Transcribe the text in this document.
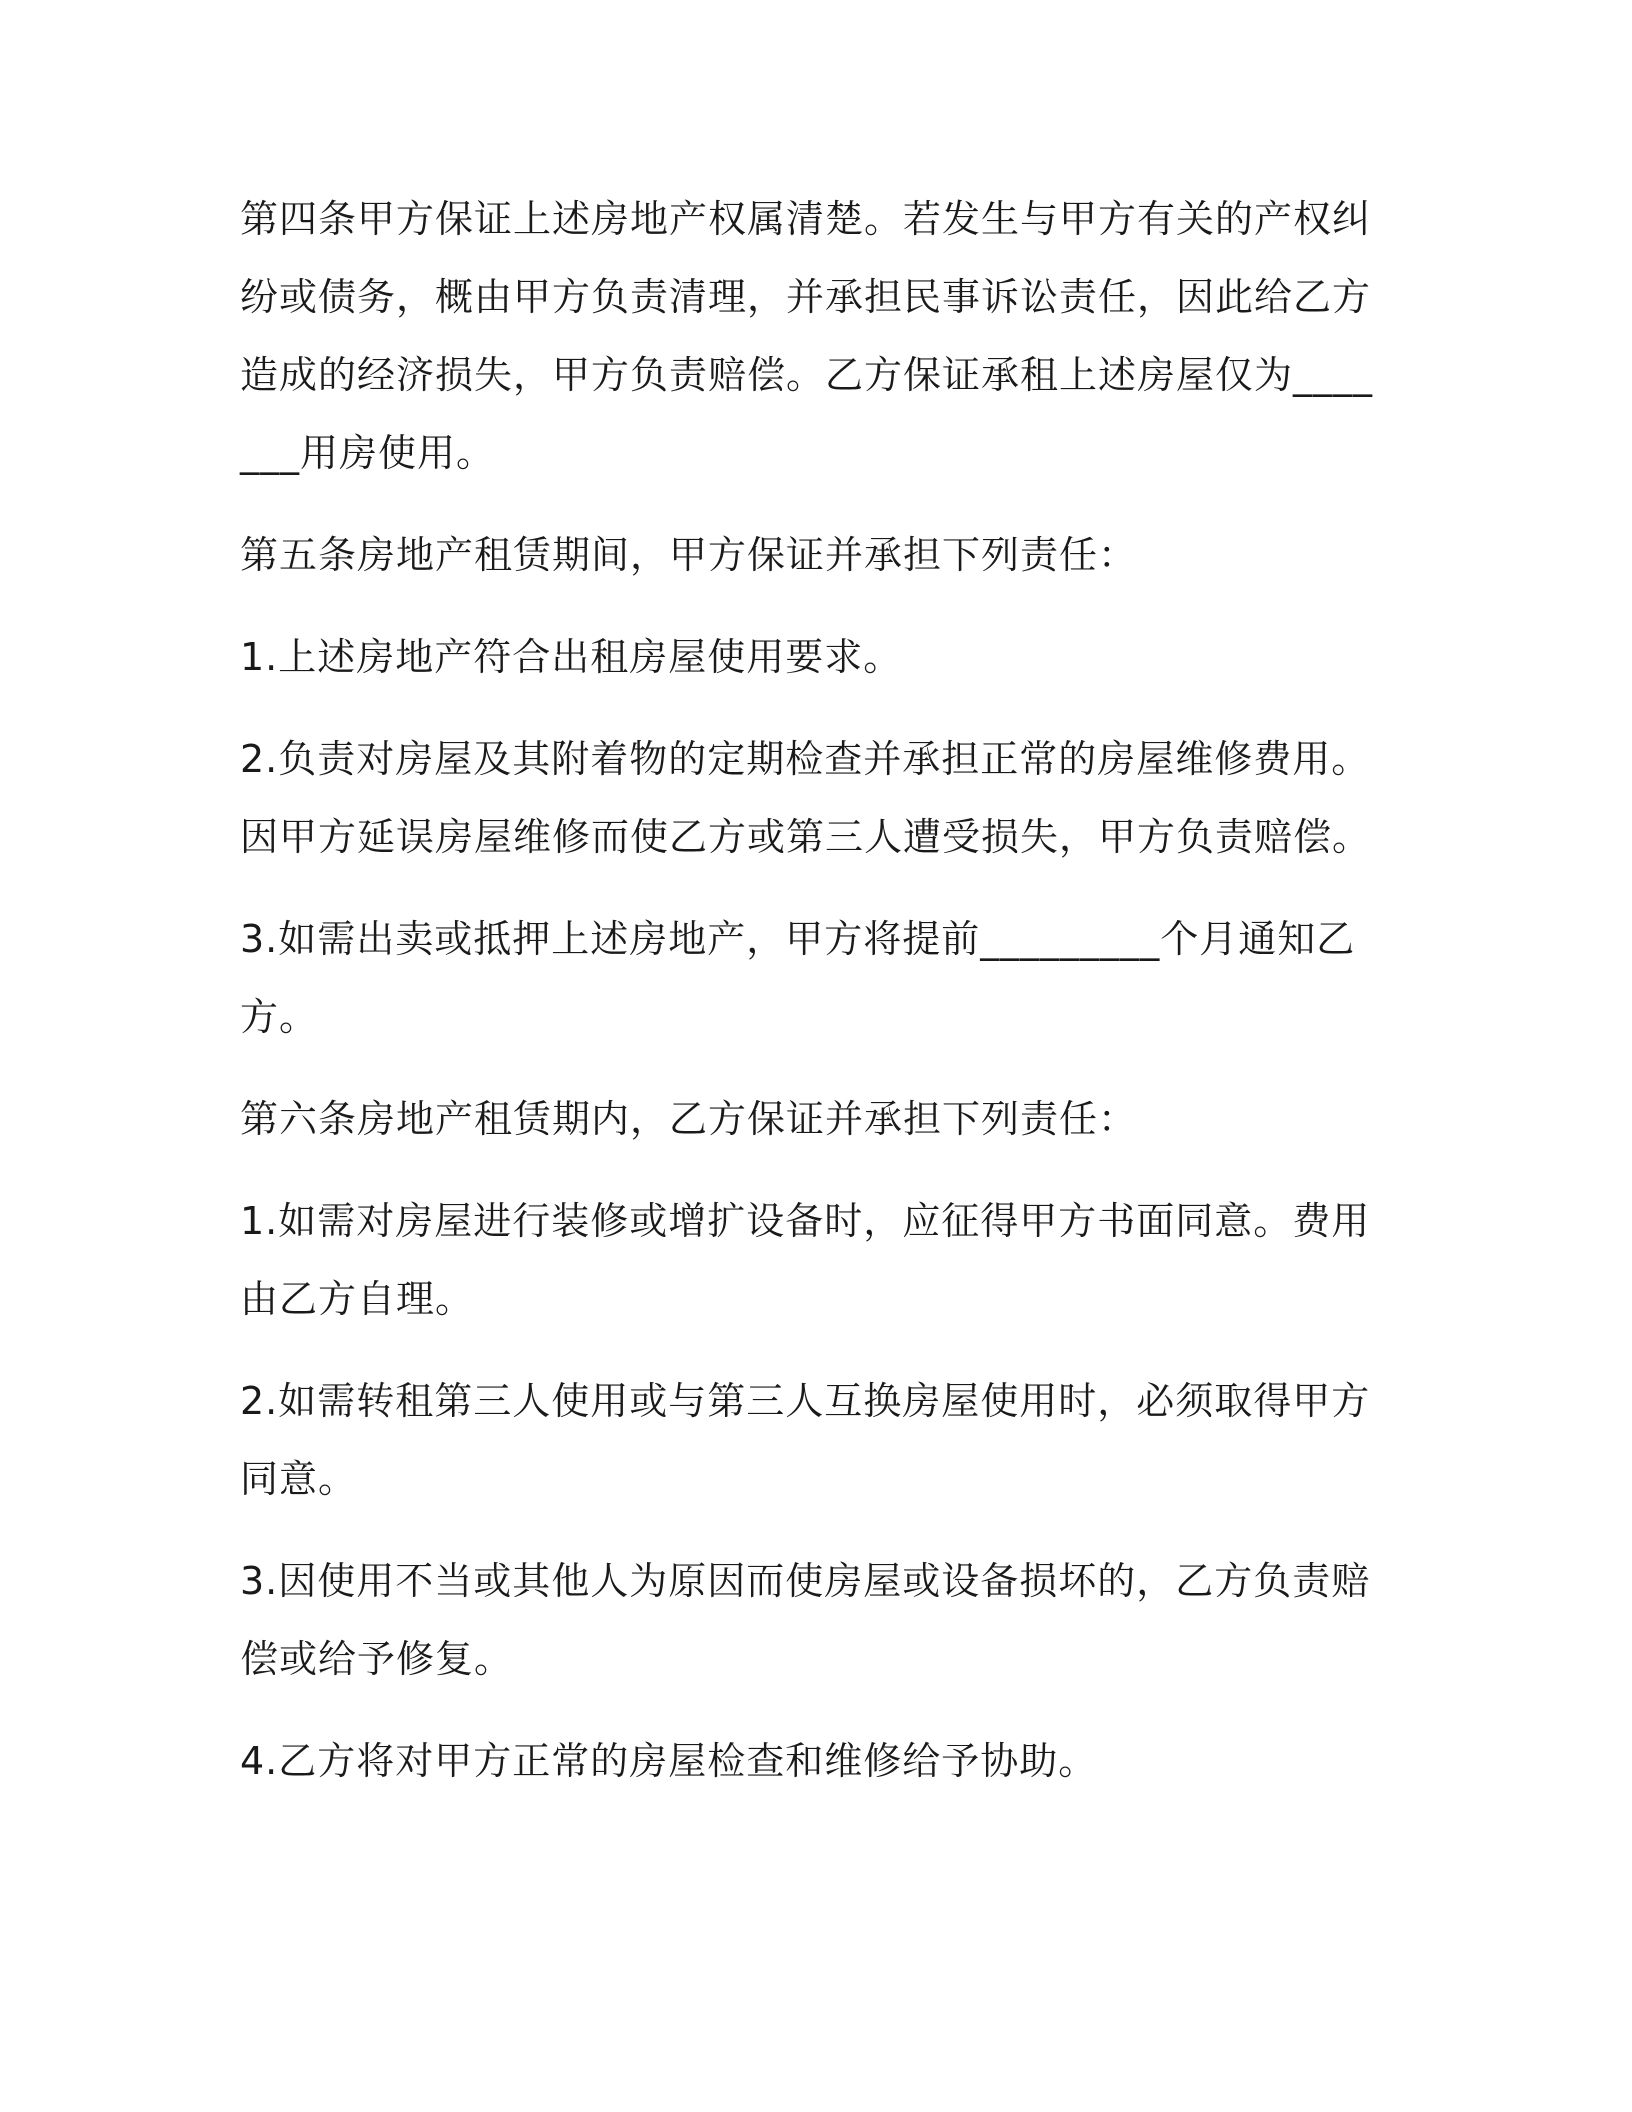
第四条甲方保证上述房地产权属清楚。若发生与甲方有关的产权纠纷或债务，概由甲方负责清理，并承担民事诉讼责任，因此给乙方造成的经济损失，甲方负责赔偿。乙方保证承租上述房屋仅为_______用房使用。

第五条房地产租赁期间，甲方保证并承担下列责任：

1.上述房地产符合出租房屋使用要求。

2.负责对房屋及其附着物的定期检查并承担正常的房屋维修费用。因甲方延误房屋维修而使乙方或第三人遭受损失，甲方负责赔偿。

3.如需出卖或抵押上述房地产，甲方将提前_________个月通知乙方。

第六条房地产租赁期内，乙方保证并承担下列责任：

1.如需对房屋进行装修或增扩设备时，应征得甲方书面同意。费用由乙方自理。

2.如需转租第三人使用或与第三人互换房屋使用时，必须取得甲方同意。

3.因使用不当或其他人为原因而使房屋或设备损坏的，乙方负责赔偿或给予修复。

4.乙方将对甲方正常的房屋检查和维修给予协助。
